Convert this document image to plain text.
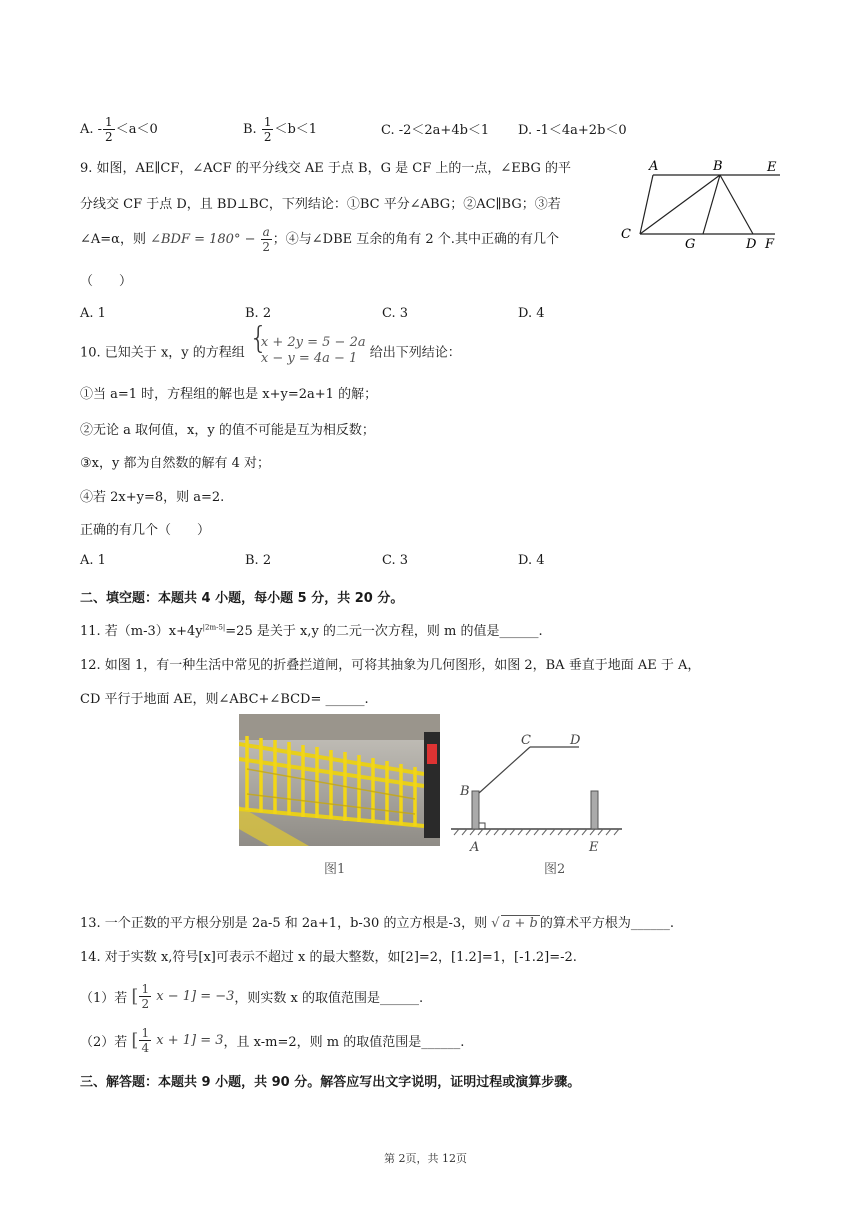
A. - $\frac{1}{2} <a<0$	B. $\frac{1}{2} <b<1$	C. -2＜2a+4b＜1 D. -1＜4a+2b＜0
9. 如图，AE∥CF，∠ACF 的平分线交 AE 于点 B，G 是 CF 上的一点，∠EBG 的平
分线交 CF 于点 D，且 BD⊥BC，下列结论：①BC 平分∠ABG；②AC∥BG；③若
∠A=α，则 ∠BDF = $180^\circ - \frac{a}{2}$ ；④与∠DBE 互余的角有 2 个.其中正确的有几个
（　　）
A. 1	B. 2	C. 3	D. 4
A	B	E
C
G	D F
10. 已知关于 x，y 的方程组 {
x + 2y = 5 − 2a
x − y = 4a − 1 给出下列结论：
①当 a=1 时，方程组的解也是 x+y=2a+1 的解；
②无论 a 取何值，x，y 的值不可能是互为相反数；
③x，y 都为自然数的解有 4 对；
④若 2x+y=8，则 a=2.
正确的有几个（　　）
A. 1	B. 2	C. 3	D. 4
二、填空题：本题共 4 小题，每小题 5 分，共 20 分。
11. 若$(m-3)x+4y^{|2m-5|}=25$ 是关于 x,y 的二元一次方程，则 m 的值是______.
12. 如图 1，有一种生活中常见的折叠拦道闸，可将其抽象为几何图形，如图 2，BA 垂直于地面 AE 于 A，
CD 平行于地面 AE，则∠ABC+∠BCD= ______.
图1
C	D
B
A	E
图2
13. 一个正数的平方根分别是 2a-5 和 2a+1，b-30 的立方根是-3，则 √ a + b 的算术平方根为______.
14. 对于实数 x,符号[x]可表示不超过 x 的最大整数，如[2]=2，[1.2]=1，[-1.2]=-2.
（1）若 [ $\frac{1}{2}$ x − 1] = −3，则实数 x 的取值范围是______.
（2）若 [ $\frac{1}{4}$ x + 1] = 3，且 x-m=2，则 m 的取值范围是______.
三、解答题：本题共 9 小题，共 90 分。解答应写出文字说明，证明过程或演算步骤。
第 2页，共 12页
